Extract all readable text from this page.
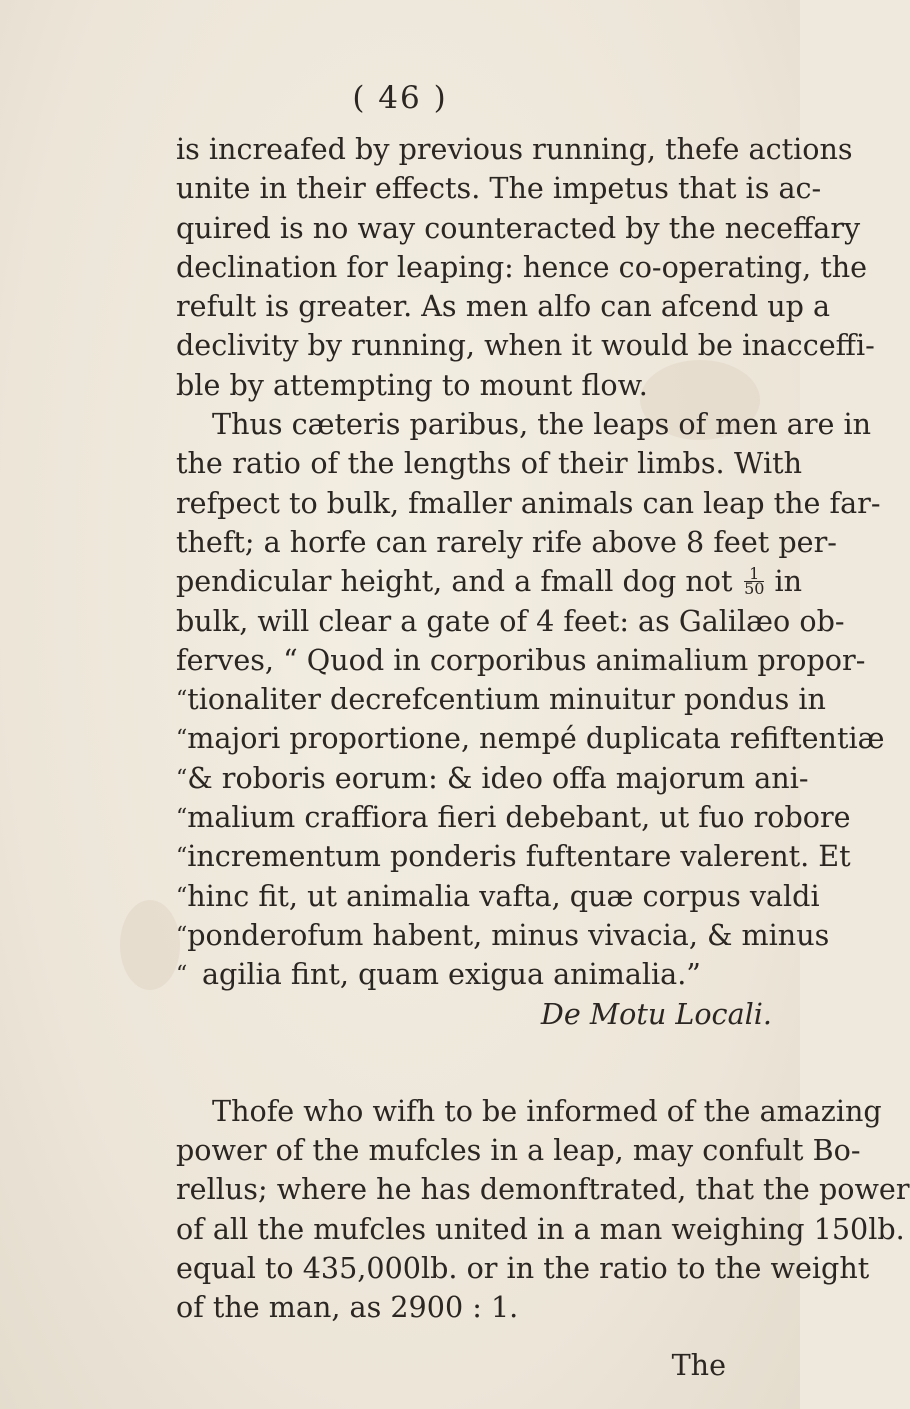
( 46 )
is increafed by previous running, thefe actions
unite in their effects. The impetus that is ac-
quired is no way counteracted by the neceffary
declination for leaping: hence co-operating, the
refult is greater. As men alfo can afcend up a
declivity by running, when it would be inacceffi-
ble by attempting to mount flow.
Thus cæteris paribus, the leaps of men are in
the ratio of the lengths of their limbs. With
refpect to bulk, fmaller animals can leap the far-
theft; a horfe can rarely rife above 8 feet per-
pendicular height, and a fmall dog not $\frac{1}{50}$ in
bulk, will clear a gate of 4 feet: as Galilæo ob-
ferves, “ Quod in corporibus animalium propor-
“ tionaliter decrefcentium minuitur pondus in
“ majori proportione, nempé duplicata refiftentiæ
“ & roboris eorum: & ideo offa majorum ani-
“ malium craffiora fieri debebant, ut fuo robore
“ incrementum ponderis fuftentare valerent. Et
“ hinc fit, ut animalia vafta, quæ corpus valdi
“ ponderofum habent, minus vivacia, & minus
“ agilia fint, quam exigua animalia.”
De Motu Locali.
Thofe who wifh to be informed of the amazing
power of the mufcles in a leap, may confult Bo-
rellus; where he has demonftrated, that the power
of all the mufcles united in a man weighing 150lb.
equal to 435,000lb. or in the ratio to the weight
of the man, as 2900 : 1.
The
